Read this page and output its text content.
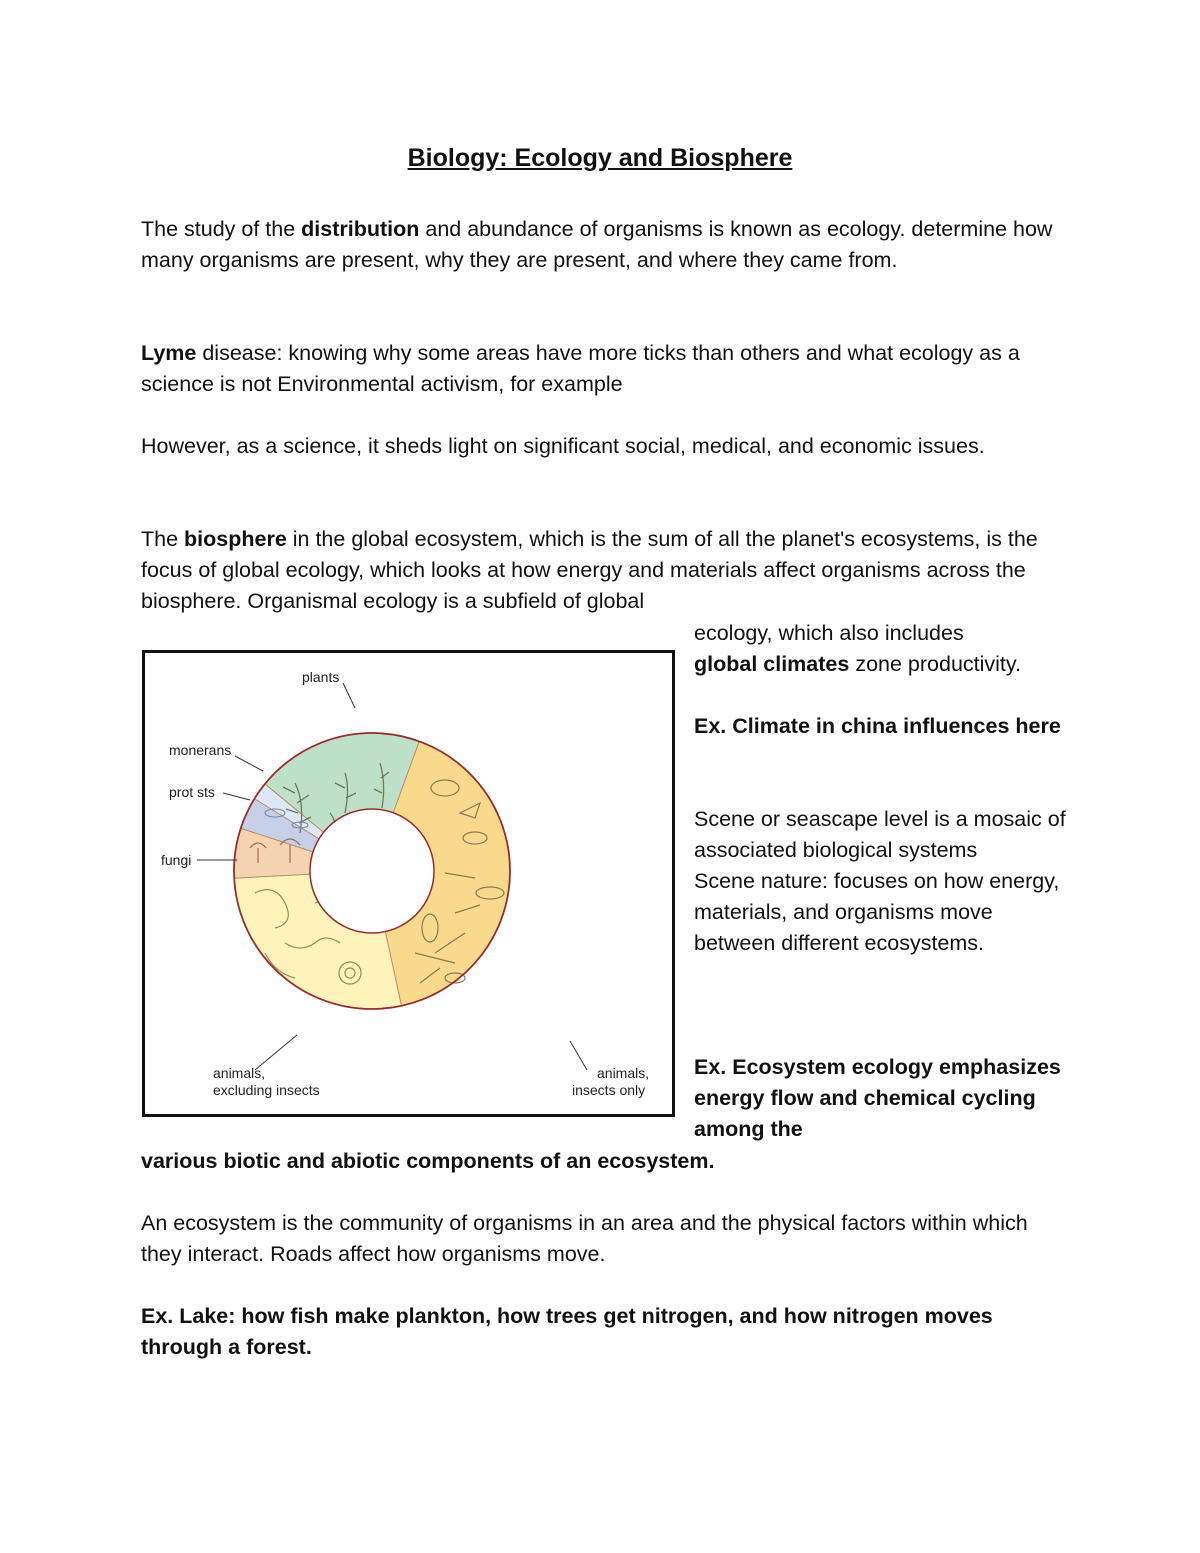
Biology: Ecology and Biosphere

The study of the distribution and abundance of organisms is known as ecology. determine how many organisms are present, why they are present, and where they came from.

Lyme disease: knowing why some areas have more ticks than others and what ecology as a science is not Environmental activism, for example

However, as a science, it sheds light on significant social, medical, and economic issues.

The biosphere in the global ecosystem, which is the sum of all the planet's ecosystems, is the focus of global ecology, which looks at how energy and materials affect organisms across the biosphere. Organismal ecology is a subfield of global

ecology, which also includes
global climates zone productivity.

Ex. Climate in china influences here

Scene or seascape level is a mosaic of associated biological systems
Scene nature: focuses on how energy, materials, and organisms move between different ecosystems.

Ex. Ecosystem ecology emphasizes energy flow and chemical cycling among the

various biotic and abiotic components of an ecosystem.

An ecosystem is the community of organisms in an area and the physical factors within which they interact. Roads affect how organisms move.

Ex. Lake: how fish make plankton, how trees get nitrogen, and how nitrogen moves through a forest.

plants
monerans
prot sts
fungi
animals,
excluding insects
animals,
insects only
